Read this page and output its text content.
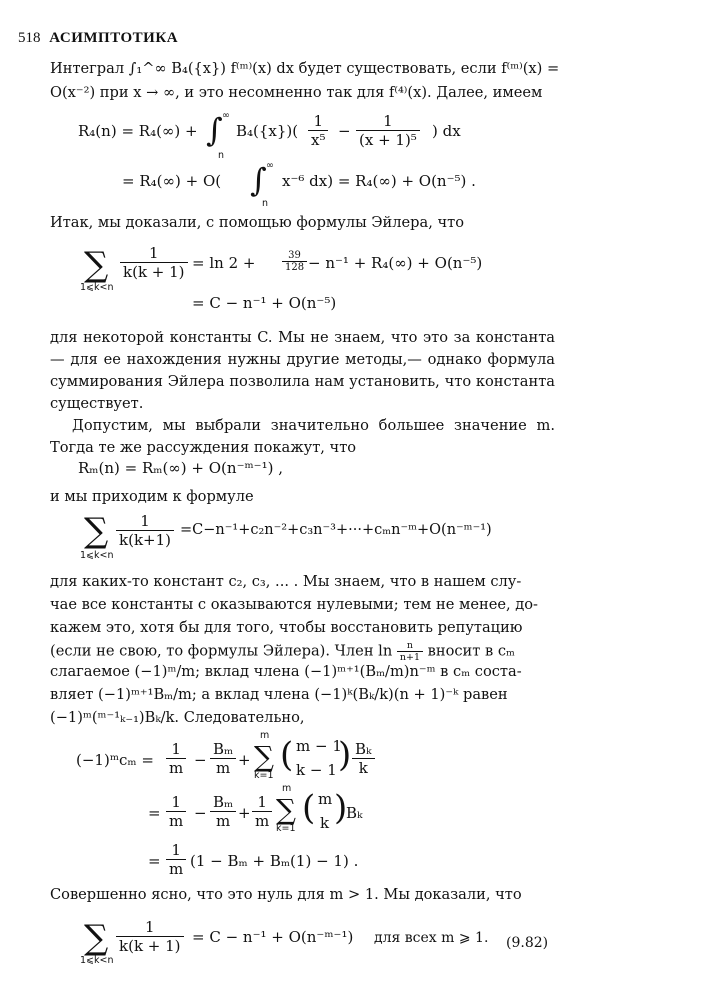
518 АСИМПТОТИКА
Интеграл ∫₁^∞ B₄({x}) f⁽ᵐ⁾(x) dx будет существовать, если f⁽ᵐ⁾(x) =
O(x⁻²) при x → ∞, и это несомненно так для f⁽⁴⁾(x). Далее, имеем
R₄(n) = R₄(∞) + ∫ ∞
n
$B_4(\{x\})( \frac{1}{\text{x⁵}} - \frac{1}{\text{(x + 1)⁵}}$ ) dx
= R₄(∞) + O( ∫ ∞
n
x⁻⁶ dx) = R₄(∞) + O(n⁻⁵) .
Итак, мы доказали, с помощью формулы Эйлера, что
∑
1⩽k<n
$\frac{1}{k(k + 1)} = \ln 2$ +	$\frac{39}{128} - n^{-1} + R_4(\infty) + O(n^{-5})$
= C − n⁻¹ + O(n⁻⁵)
для некоторой константы C. Мы не знаем, что это за константа — для ее нахождения нужны другие методы,— однако формула суммирования Эйлера позволила нам установить, что константа существует.
Допустим, мы выбрали значительно большее значение m. Тогда те же рассуждения покажут, что
Rₘ(n) = Rₘ(∞) + O(n⁻ᵐ⁻¹) ,
и мы приходим к формуле
∑
1⩽k<n
$\frac{1}{k(k+1)}$ =C−n⁻¹+c₂n⁻²+c₃n⁻³+···+cₘn⁻ᵐ+O(n⁻ᵐ⁻¹)
для каких-то констант c₂, c₃, ... . Мы знаем, что в нашем слу-
чае все константы c оказываются нулевыми; тем не менее, до-
кажем это, хотя бы для того, чтобы восстановить репутацию
(если не свою, то формулы Эйлера). Член $\ln \frac{n}{n+1}$ вносит в cₘ
слагаемое (−1)ᵐ/m; вклад члена (−1)ᵐ⁺¹(Bₘ/m)n⁻ᵐ в cₘ соста-
вляет (−1)ᵐ⁺¹Bₘ/m; а вклад члена (−1)ᵏ(Bₖ/k)(n + 1)⁻ᵏ равен
(−1)ᵐ(ᵐ⁻¹ₖ₋₁)Bₖ/k. Следовательно,
(−1)ᵐcₘ = $\frac{1}{m} - \frac{\text{Bₘ}}{m}$ +
m
∑
k=1
( m − 1
k − 1 ) $\frac{\text{Bₖ}}{k}$
= $\frac{1}{m} - \frac{\text{Bₘ}}{m} + \frac{1}{m}$
m
∑
k=1
( m
k )
Bₖ
= $\frac{1}{m} (1 - B_m + B_m(1) - 1)$ .
Совершенно ясно, что это нуль для m > 1. Мы доказали, что
∑
1⩽k<n
$\frac{1}{k(k + 1)} = C - n^{-1}$ + O(n⁻ᵐ⁻¹) для всех m ⩾ 1. (9.82)
